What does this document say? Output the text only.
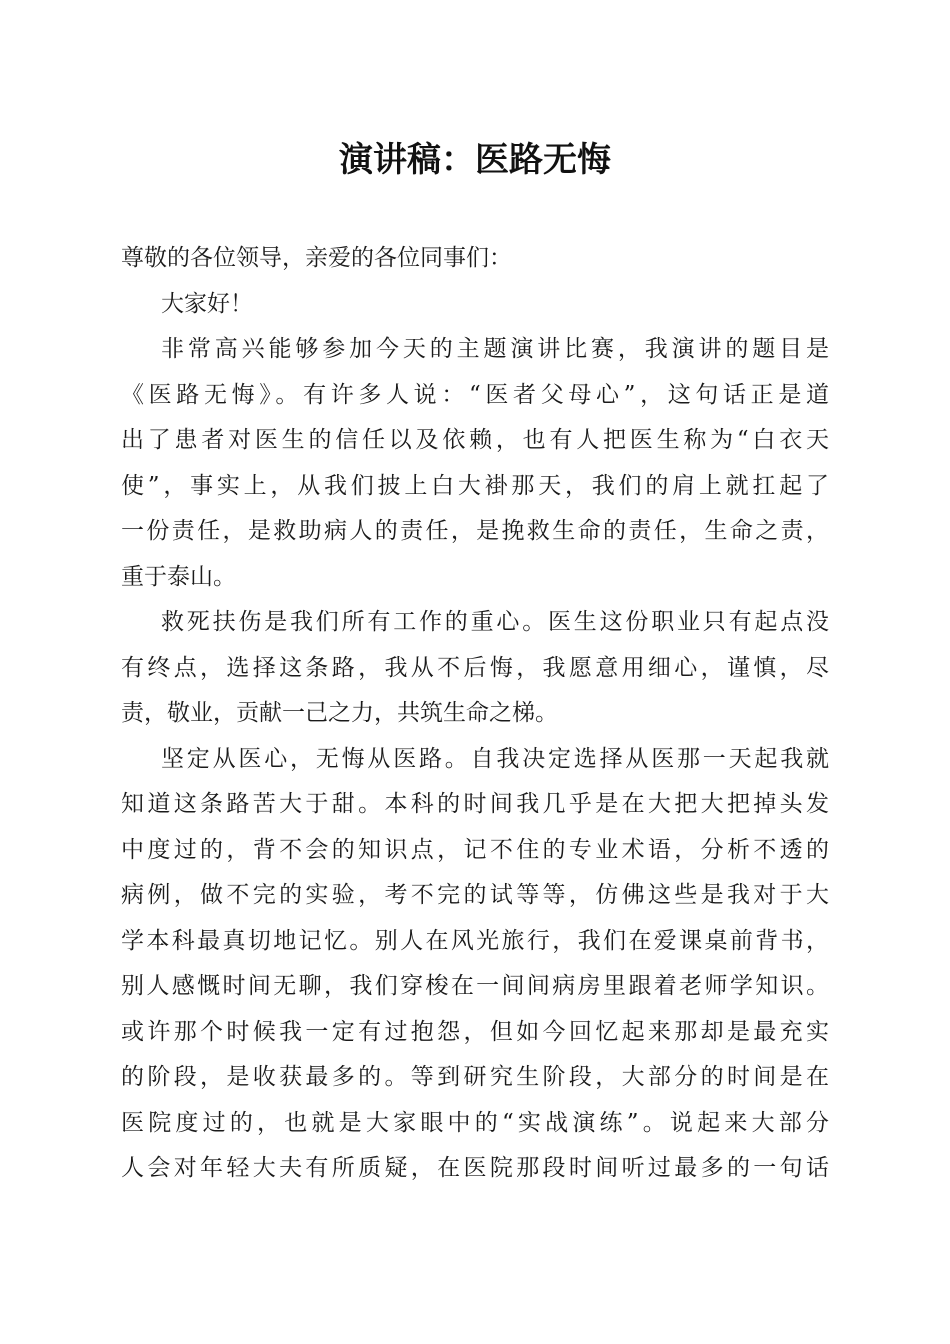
演讲稿：医路无悔
尊敬的各位领导，亲爱的各位同事们：
大家好！
非常高兴能够参加今天的主题演讲比赛，我演讲的题目是
《医路无悔》。有许多人说：“医者父母心”，这句话正是道
出了患者对医生的信任以及依赖，也有人把医生称为“白衣天
使”，事实上，从我们披上白大褂那天，我们的肩上就扛起了
一份责任，是救助病人的责任，是挽救生命的责任，生命之责，
重于泰山。
救死扶伤是我们所有工作的重心。医生这份职业只有起点没
有终点，选择这条路，我从不后悔，我愿意用细心，谨慎，尽
责，敬业，贡献一己之力，共筑生命之梯。
坚定从医心，无悔从医路。自我决定选择从医那一天起我就
知道这条路苦大于甜。本科的时间我几乎是在大把大把掉头发
中度过的，背不会的知识点，记不住的专业术语，分析不透的
病例，做不完的实验，考不完的试等等，仿佛这些是我对于大
学本科最真切地记忆。别人在风光旅行，我们在爱课桌前背书，
别人感慨时间无聊，我们穿梭在一间间病房里跟着老师学知识。
或许那个时候我一定有过抱怨，但如今回忆起来那却是最充实
的阶段，是收获最多的。等到研究生阶段，大部分的时间是在
医院度过的，也就是大家眼中的“实战演练”。说起来大部分
人会对年轻大夫有所质疑，在医院那段时间听过最多的一句话
